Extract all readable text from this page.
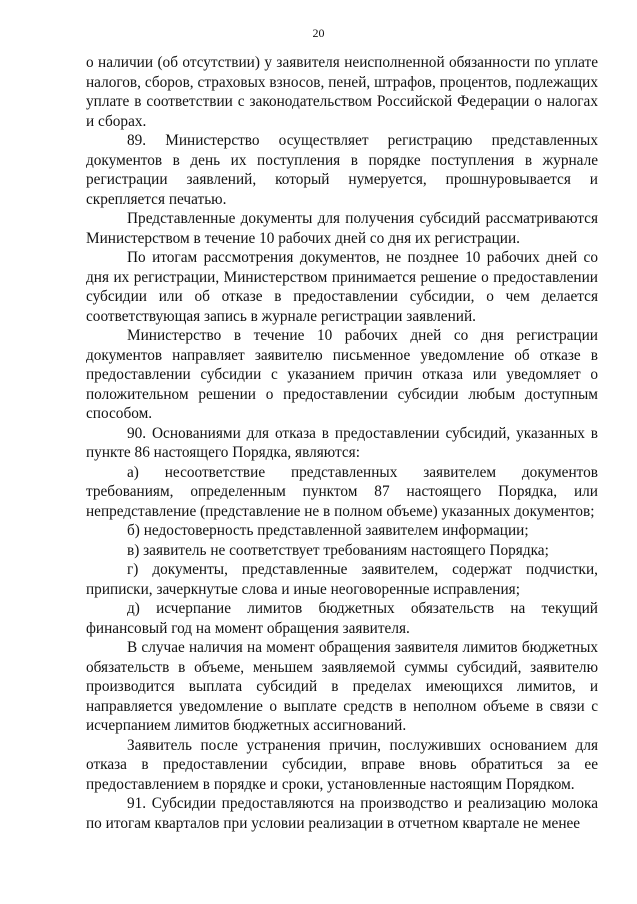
20

о наличии (об отсутствии) у заявителя неисполненной обязанности по уплате налогов, сборов, страховых взносов, пеней, штрафов, процентов, подлежащих уплате в соответствии с законодательством Российской Федерации о налогах и сборах.

89. Министерство осуществляет регистрацию представленных документов в день их поступления в порядке поступления в журнале регистрации заявлений, который нумеруется, прошнуровывается и скрепляется печатью.

Представленные документы для получения субсидий рассматриваются Министерством в течение 10 рабочих дней со дня их регистрации.

По итогам рассмотрения документов, не позднее 10 рабочих дней со дня их регистрации, Министерством принимается решение о предоставлении субсидии или об отказе в предоставлении субсидии, о чем делается соответствующая запись в журнале регистрации заявлений.

Министерство в течение 10 рабочих дней со дня регистрации документов направляет заявителю письменное уведомление об отказе в предоставлении субсидии с указанием причин отказа или уведомляет о положительном решении о предоставлении субсидии любым доступным способом.

90. Основаниями для отказа в предоставлении субсидий, указанных в пункте 86 настоящего Порядка, являются:

а) несоответствие представленных заявителем документов требованиям, определенным пунктом 87 настоящего Порядка, или непредставление (представление не в полном объеме) указанных документов;

б) недостоверность представленной заявителем информации;

в) заявитель не соответствует требованиям настоящего Порядка;

г) документы, представленные заявителем, содержат подчистки, приписки, зачеркнутые слова и иные неоговоренные исправления;

д) исчерпание лимитов бюджетных обязательств на текущий финансовый год на момент обращения заявителя.

В случае наличия на момент обращения заявителя лимитов бюджетных обязательств в объеме, меньшем заявляемой суммы субсидий, заявителю производится выплата субсидий в пределах имеющихся лимитов, и направляется уведомление о выплате средств в неполном объеме в связи с исчерпанием лимитов бюджетных ассигнований.

Заявитель после устранения причин, послуживших основанием для отказа в предоставлении субсидии, вправе вновь обратиться за ее предоставлением в порядке и сроки, установленные настоящим Порядком.

91. Субсидии предоставляются на производство и реализацию молока по итогам кварталов при условии реализации в отчетном квартале не менее
